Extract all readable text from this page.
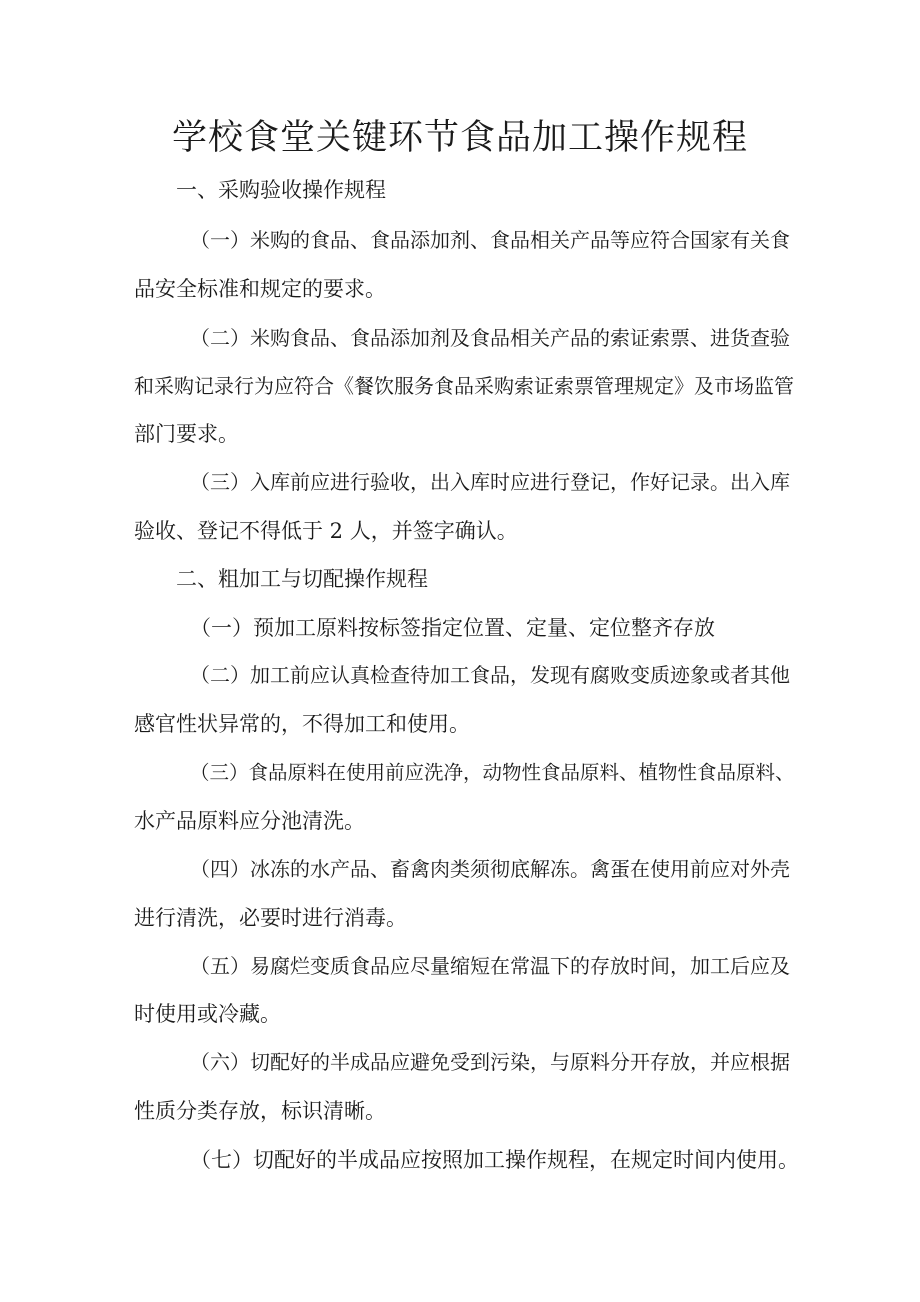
学校食堂关键环节食品加工操作规程

一、采购验收操作规程

（一）米购的食品、食品添加剂、食品相关产品等应符合国家有关食

品安全标准和规定的要求。

（二）米购食品、食品添加剂及食品相关产品的索证索票、进货查验

和采购记录行为应符合《餐饮服务食品采购索证索票管理规定》及市场监管

部门要求。

（三）入库前应进行验收，出入库时应进行登记，作好记录。出入库

验收、登记不得低于 2 人，并签字确认。

二、粗加工与切配操作规程

（一）预加工原料按标签指定位置、定量、定位整齐存放

（二）加工前应认真检查待加工食品，发现有腐败变质迹象或者其他

感官性状异常的，不得加工和使用。

（三）食品原料在使用前应洗净，动物性食品原料、植物性食品原料、

水产品原料应分池清洗。

（四）冰冻的水产品、畜禽肉类须彻底解冻。禽蛋在使用前应对外壳

进行清洗，必要时进行消毒。

（五）易腐烂变质食品应尽量缩短在常温下的存放时间，加工后应及

时使用或冷藏。

（六）切配好的半成品应避免受到污染，与原料分开存放，并应根据

性质分类存放，标识清晰。

（七）切配好的半成品应按照加工操作规程，在规定时间内使用。
